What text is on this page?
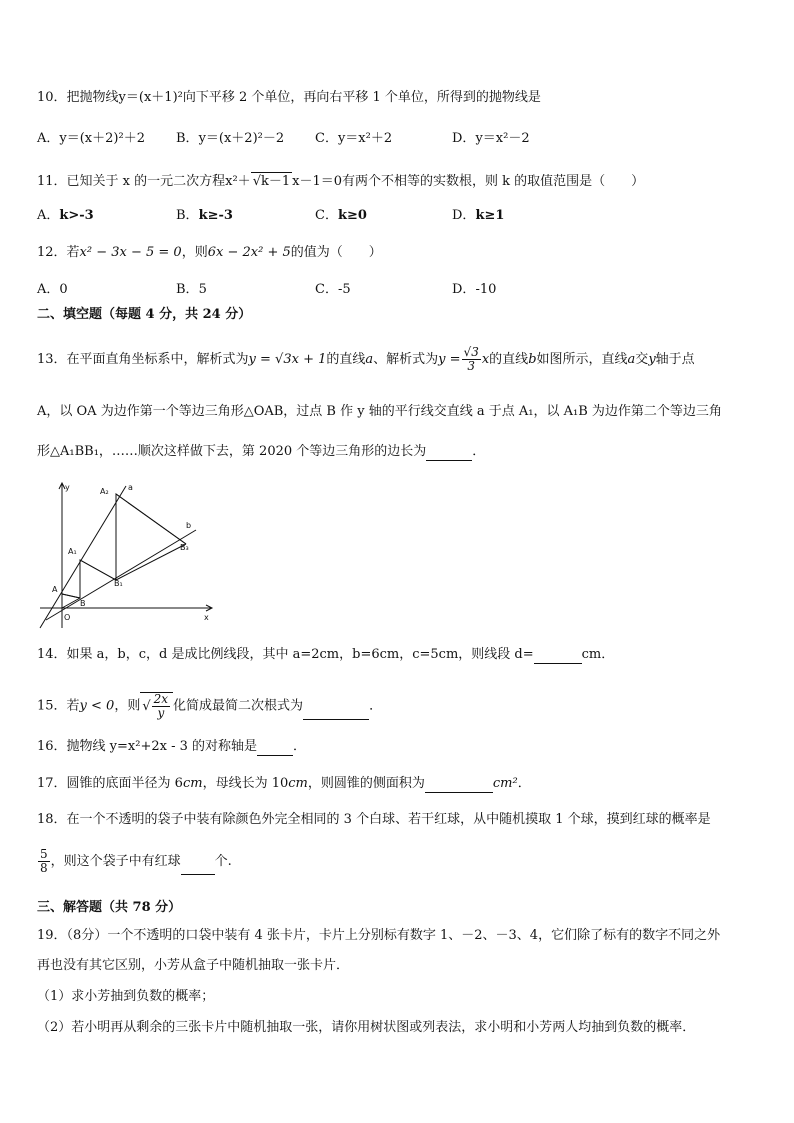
10．把抛物线y＝(x＋1)²向下平移 2 个单位，再向右平移 1 个单位，所得到的抛物线是
A．y＝(x＋2)²＋2 B．y＝(x＋2)²－2 C．y＝x²＋2	D．y＝x²－2
11．已知关于 x 的一元二次方程x²＋ √k－1 x－1＝0有两个不相等的实数根，则 k 的取值范围是（　　）
A．k>-3	B．k≥-3	C．k≥0	D．k≥1
12．若x² − 3x − 5 = 0，则6x − 2x² + 5的值为（　　）
A．0	B．5	C．-5	D．-10
二、填空题（每题 4 分，共 24 分）
13．在平面直角坐标系中，解析式为y = √3x + 1的直线a、解析式为$y = \frac{√3}{3}$ x的直线b如图所示，直线a交y轴于点
A，以 OA 为边作第一个等边三角形△OAB，过点 B 作 y 轴的平行线交直线 a 于点 A₁，以 A₁B 为边作第二个等边三角
形△A₁BB₁，……顺次这样做下去，第 2020 个等边三角形的边长为	．
y
x
a
b
O
A
B
A₁
B₁
A₂
B₃
14．如果 a，b，c，d 是成比例线段，其中 a=2cm，b=6cm，c=5cm，则线段 d=	cm．
15．若y < 0，则 √ $\frac{2x}{y}$ 化简成最简二次根式为	．
16．抛物线 y=x²+2x - 3 的对称轴是	．
17．圆锥的底面半径为 6cm，母线长为 10cm，则圆锥的侧面积为	cm²．
18．在一个不透明的袋子中装有除颜色外完全相同的 3 个白球、若干红球，从中随机摸取 1 个球，摸到红球的概率是
$\frac{5}{8}$ ，则这个袋子中有红球	个.
三、解答题（共 78 分）
19．（8分）一个不透明的口袋中装有 4 张卡片，卡片上分别标有数字 1、－2、－3、4，它们除了标有的数字不同之外
再也没有其它区别，小芳从盒子中随机抽取一张卡片．
（1）求小芳抽到负数的概率；
（2）若小明再从剩余的三张卡片中随机抽取一张，请你用树状图或列表法，求小明和小芳两人均抽到负数的概率．
